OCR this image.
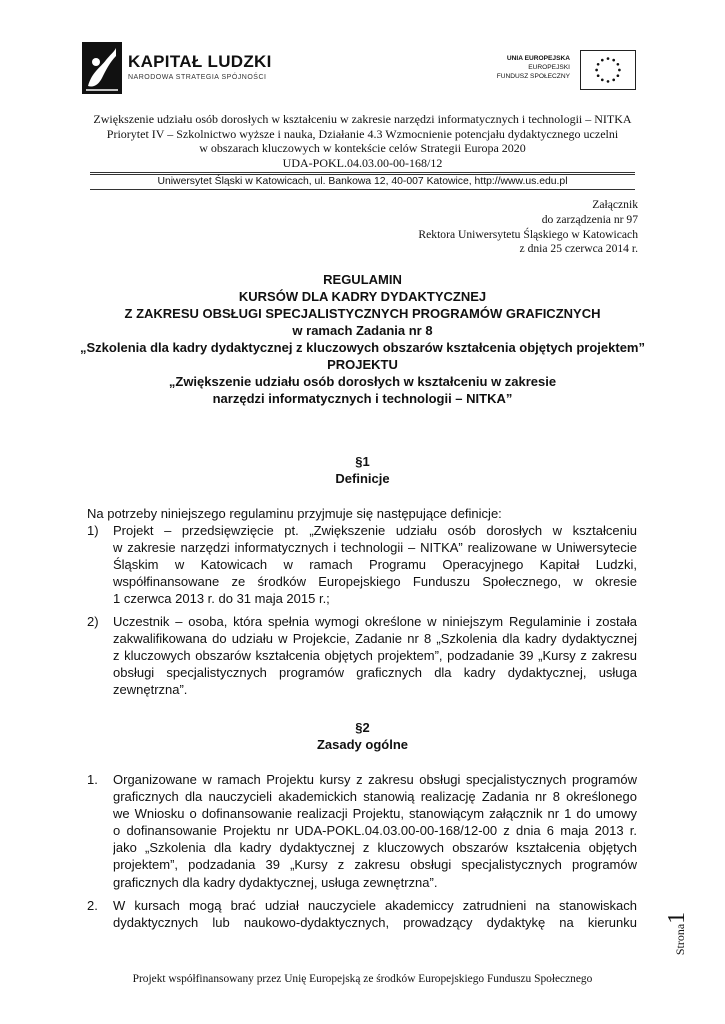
KAPITAŁ LUDZKI
NARODOWA STRATEGIA SPÓJNOŚCI
UNIA EUROPEJSKA
EUROPEJSKI
FUNDUSZ SPOŁECZNY
Zwiększenie udziału osób dorosłych w kształceniu w zakresie narzędzi informatycznych i technologii – NITKA
Priorytet IV – Szkolnictwo wyższe i nauka, Działanie 4.3 Wzmocnienie potencjału dydaktycznego uczelni
w obszarach kluczowych w kontekście celów Strategii Europa 2020
UDA-POKL.04.03.00-00-168/12
Uniwersytet Śląski w Katowicach, ul. Bankowa 12, 40-007 Katowice, http://www.us.edu.pl
Załącznik
do zarządzenia nr 97
Rektora Uniwersytetu Śląskiego w Katowicach
z dnia 25 czerwca 2014 r.
REGULAMIN
KURSÓW DLA KADRY DYDAKTYCZNEJ
Z ZAKRESU OBSŁUGI SPECJALISTYCZNYCH PROGRAMÓW GRAFICZNYCH
w ramach Zadania nr 8
„Szkolenia dla kadry dydaktycznej z kluczowych obszarów kształcenia objętych projektem”
PROJEKTU
„Zwiększenie udziału osób dorosłych w kształceniu w zakresie
narzędzi informatycznych i technologii – NITKA”
§1
Definicje
Na potrzeby niniejszego regulaminu przyjmuje się następujące definicje:
1) Projekt – przedsięwzięcie pt. „Zwiększenie udziału osób dorosłych w kształceniu
w zakresie narzędzi informatycznych i technologii – NITKA” realizowane w Uniwersytecie
Śląskim w Katowicach w ramach Programu Operacyjnego Kapitał Ludzki,
współfinansowane ze środków Europejskiego Funduszu Społecznego, w okresie
1 czerwca 2013 r. do 31 maja 2015 r.;
2) Uczestnik – osoba, która spełnia wymogi określone w niniejszym Regulaminie i została
zakwalifikowana do udziału w Projekcie, Zadanie nr 8 „Szkolenia dla kadry dydaktycznej
z kluczowych obszarów kształcenia objętych projektem”, podzadanie 39 „Kursy z zakresu
obsługi specjalistycznych programów graficznych dla kadry dydaktycznej, usługa
zewnętrzna”.
§2
Zasady ogólne
1. Organizowane w ramach Projektu kursy z zakresu obsługi specjalistycznych programów
graficznych dla nauczycieli akademickich stanowią realizację Zadania nr 8 określonego
we Wniosku o dofinansowanie realizacji Projektu, stanowiącym załącznik nr 1 do umowy
o dofinansowanie Projektu nr UDA-POKL.04.03.00-00-168/12-00 z dnia 6 maja 2013 r.
jako „Szkolenia dla kadry dydaktycznej z kluczowych obszarów kształcenia objętych
projektem”, podzadania 39 „Kursy z zakresu obsługi specjalistycznych programów
graficznych dla kadry dydaktycznej, usługa zewnętrzna”.
2. W kursach mogą brać udział nauczyciele akademiccy zatrudnieni na stanowiskach
dydaktycznych lub naukowo-dydaktycznych, prowadzący dydaktykę na kierunku
Strona1
Projekt współfinansowany przez Unię Europejską ze środków Europejskiego Funduszu Społecznego
